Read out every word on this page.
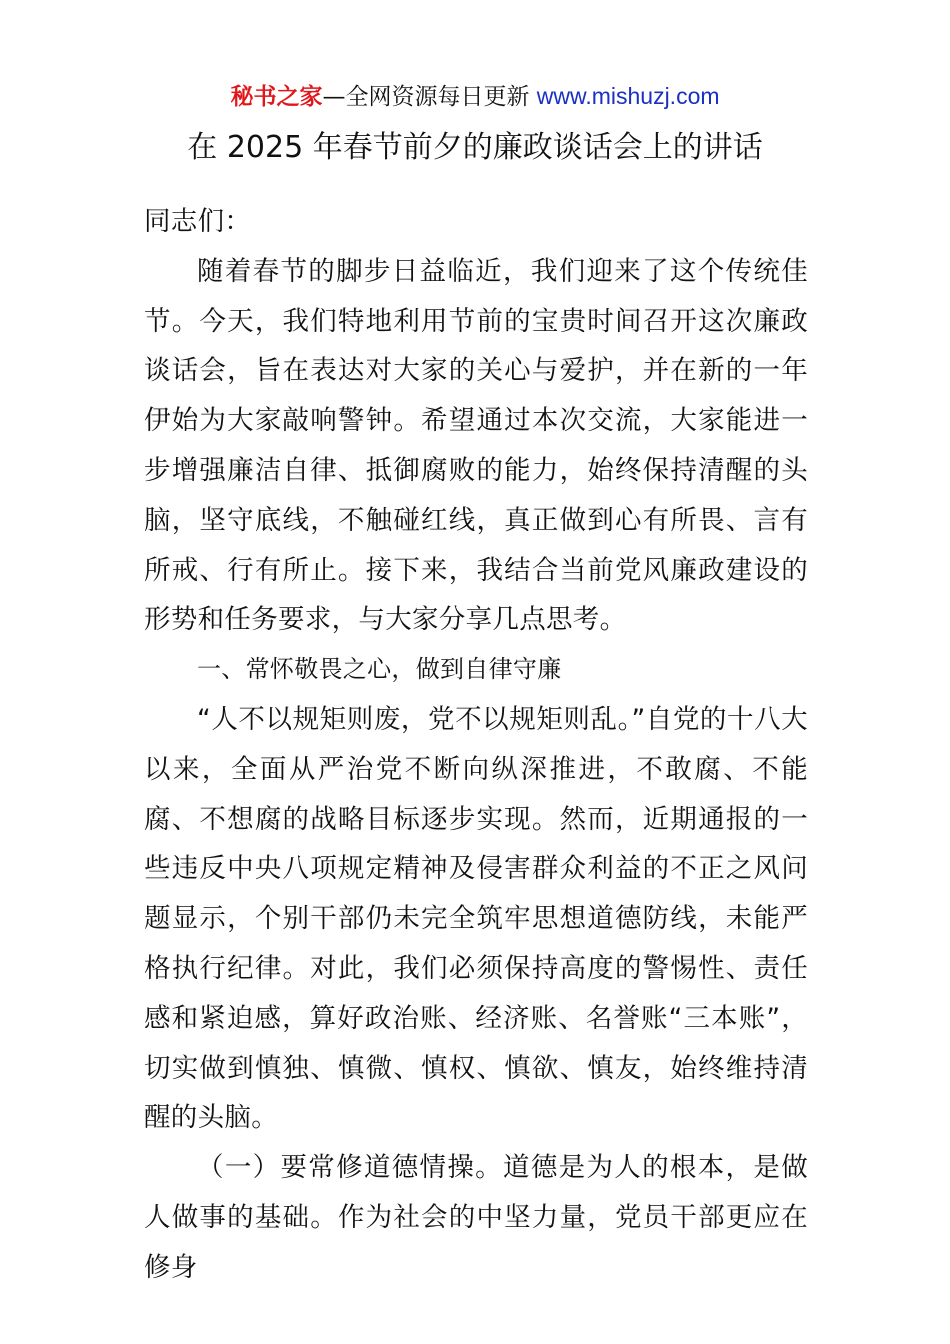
秘书之家—全网资源每日更新 www.mishuzj.com
在 2025 年春节前夕的廉政谈话会上的讲话

同志们：

随着春节的脚步日益临近，我们迎来了这个传统佳节。今天，我们特地利用节前的宝贵时间召开这次廉政谈话会，旨在表达对大家的关心与爱护，并在新的一年伊始为大家敲响警钟。希望通过本次交流，大家能进一步增强廉洁自律、抵御腐败的能力，始终保持清醒的头脑，坚守底线，不触碰红线，真正做到心有所畏、言有所戒、行有所止。接下来，我结合当前党风廉政建设的形势和任务要求，与大家分享几点思考。

一、常怀敬畏之心，做到自律守廉

“人不以规矩则废，党不以规矩则乱。”自党的十八大以来，全面从严治党不断向纵深推进，不敢腐、不能腐、不想腐的战略目标逐步实现。然而，近期通报的一些违反中央八项规定精神及侵害群众利益的不正之风问题显示，个别干部仍未完全筑牢思想道德防线，未能严格执行纪律。对此，我们必须保持高度的警惕性、责任感和紧迫感，算好政治账、经济账、名誉账“三本账”，切实做到慎独、慎微、慎权、慎欲、慎友，始终维持清醒的头脑。

（一）要常修道德情操。道德是为人的根本，是做人做事的基础。作为社会的中坚力量，党员干部更应在修身
